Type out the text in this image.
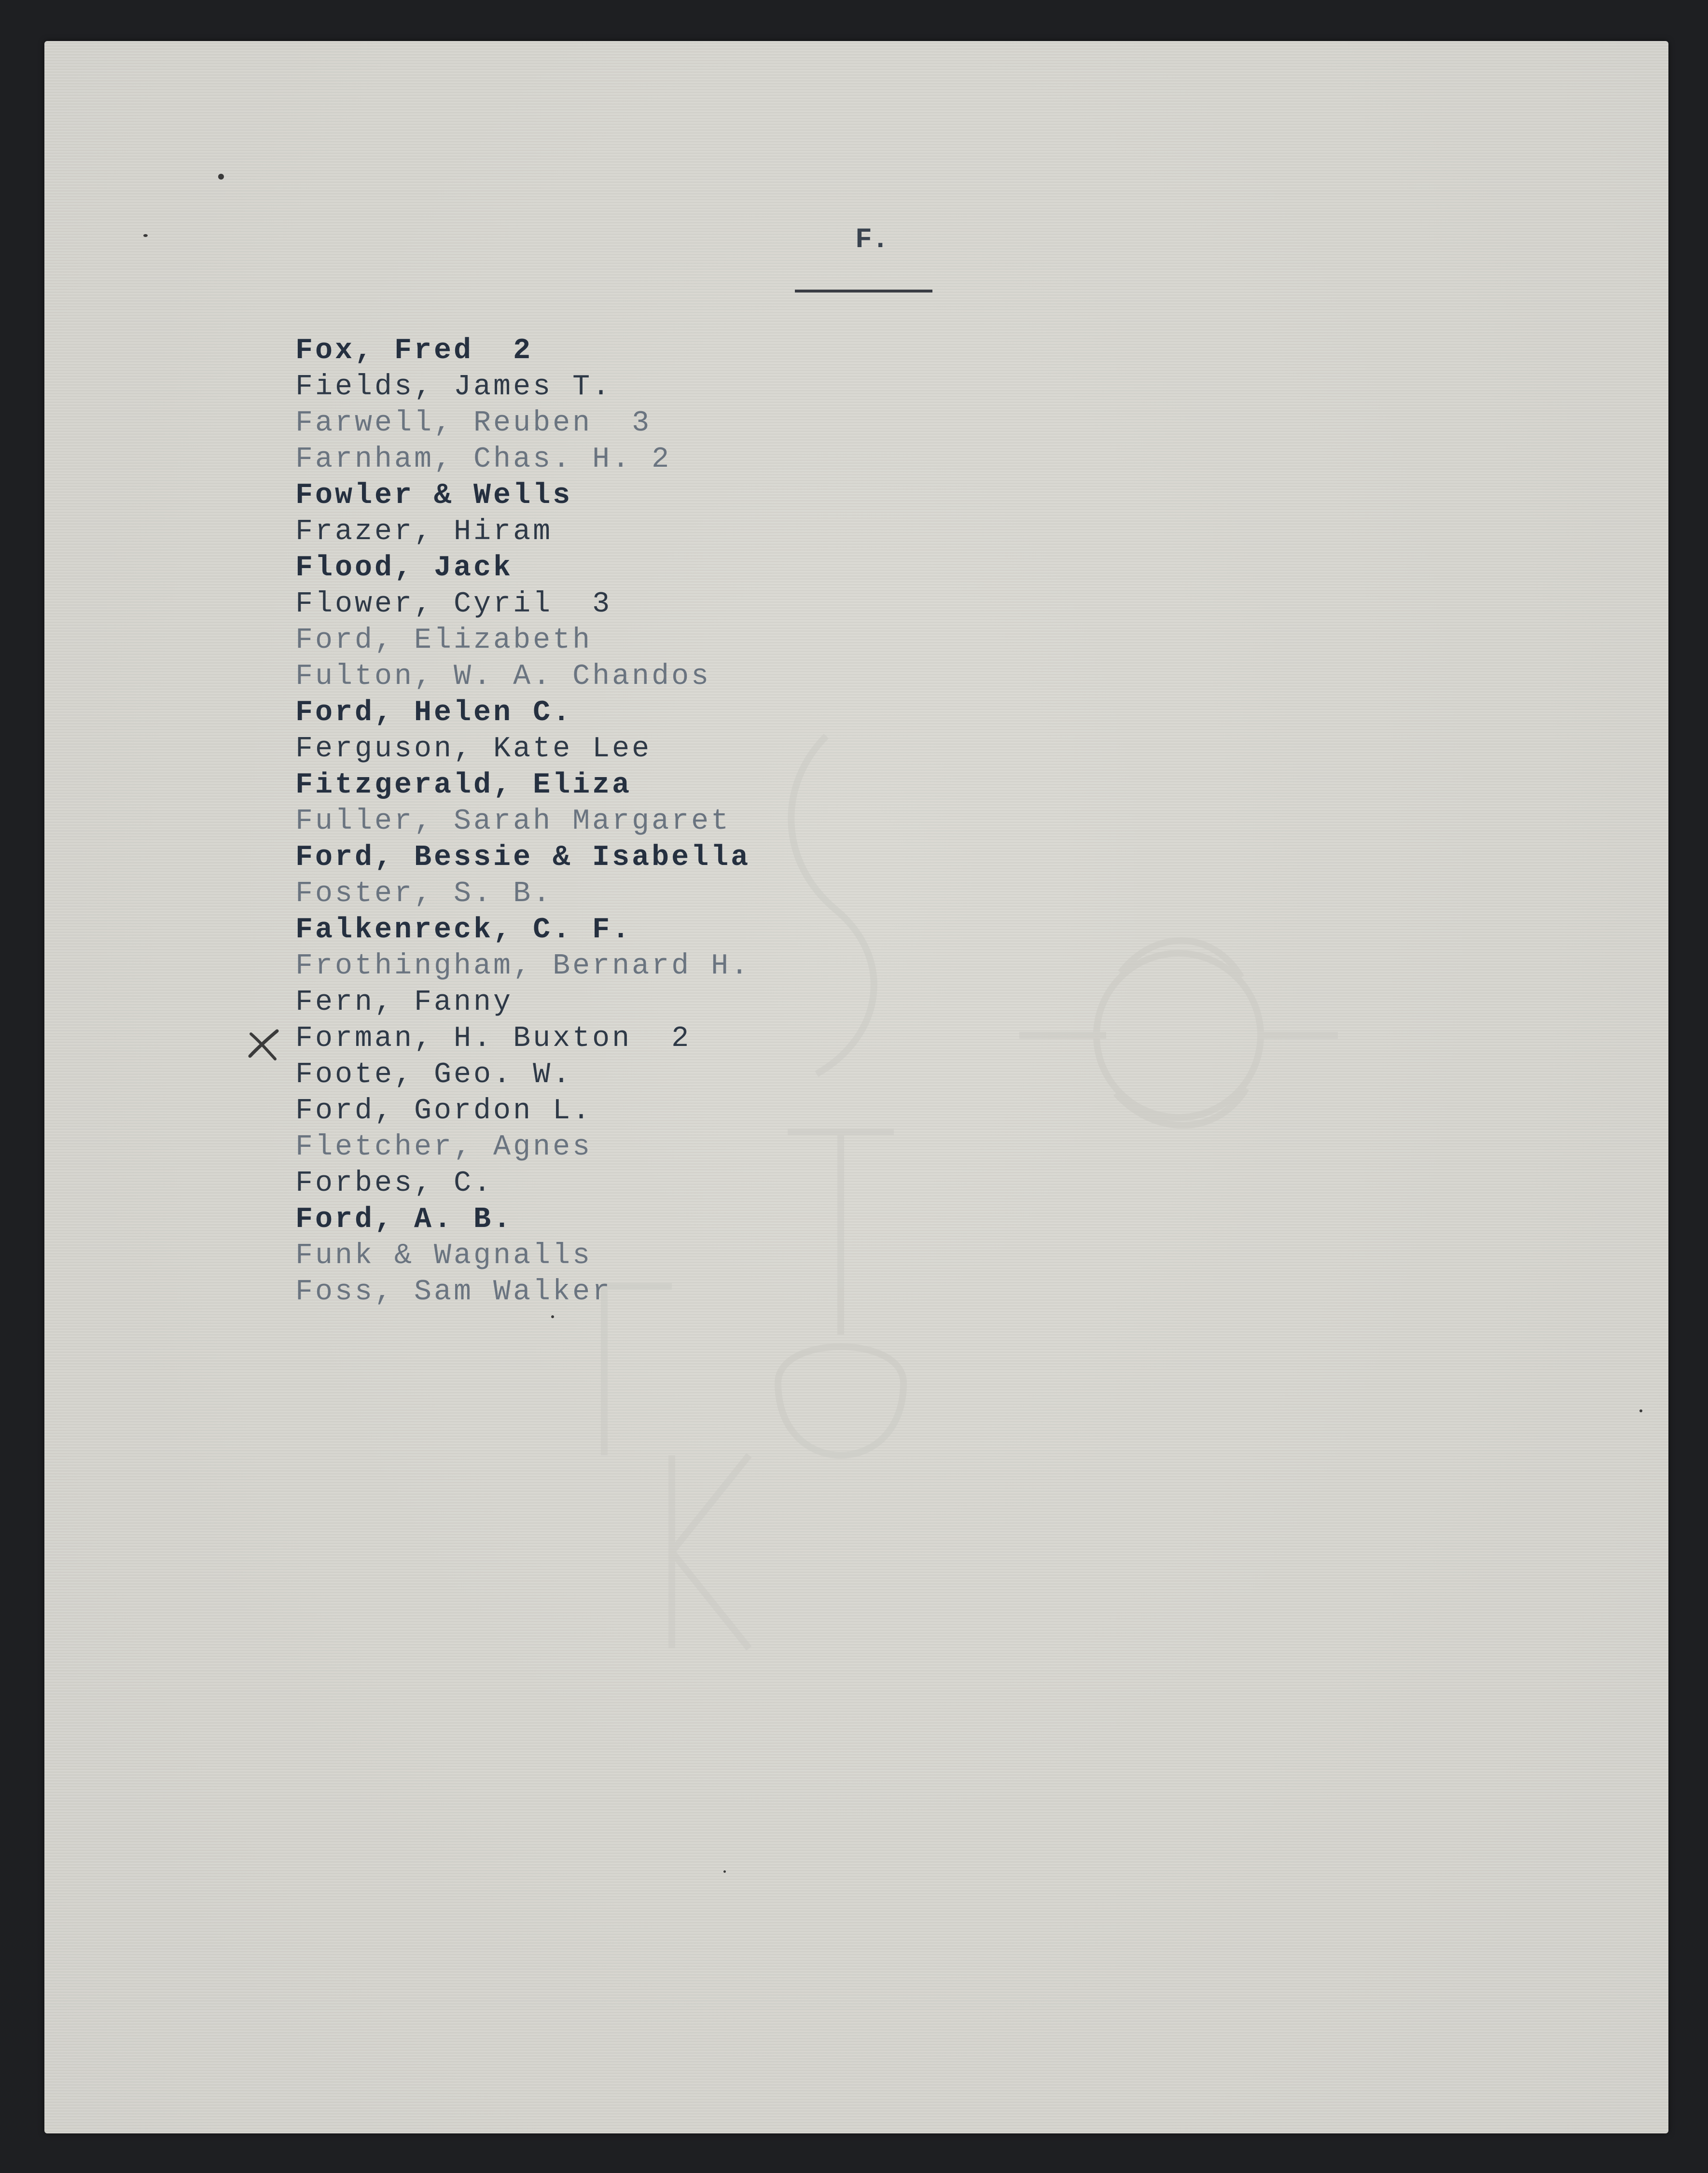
F.
Fox, Fred  2
Fields, James T.
Farwell, Reuben  3
Farnham, Chas. H. 2
Fowler & Wells
Frazer, Hiram
Flood, Jack
Flower, Cyril  3
Ford, Elizabeth
Fulton, W. A. Chandos
Ford, Helen C.
Ferguson, Kate Lee
Fitzgerald, Eliza
Fuller, Sarah Margaret
Ford, Bessie & Isabella
Foster, S. B.
Falkenreck, C. F.
Frothingham, Bernard H.
Fern, Fanny
Forman, H. Buxton  2
Foote, Geo. W.
Ford, Gordon L.
Fletcher, Agnes
Forbes, C.
Ford, A. B.
Funk & Wagnalls
Foss, Sam Walker
